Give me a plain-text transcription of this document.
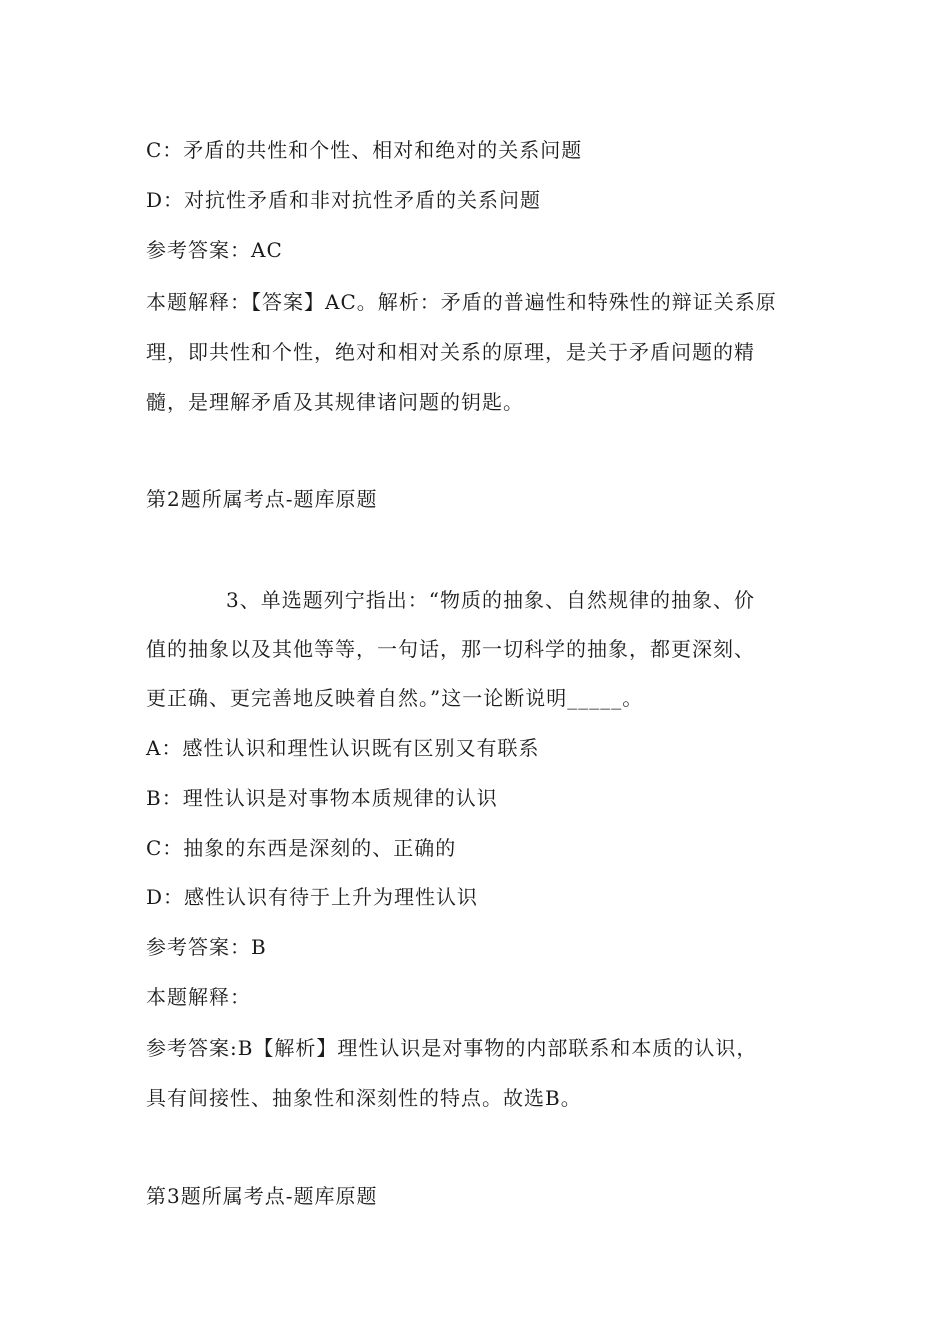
C：矛盾的共性和个性、相对和绝对的关系问题
D：对抗性矛盾和非对抗性矛盾的关系问题
参考答案：AC
本题解释：【答案】AC。解析：矛盾的普遍性和特殊性的辩证关系原
理，即共性和个性，绝对和相对关系的原理，是关于矛盾问题的精
髓，是理解矛盾及其规律诸问题的钥匙。
第2题所属考点-题库原题
3、单选题列宁指出：“物质的抽象、自然规律的抽象、价
值的抽象以及其他等等，一句话，那一切科学的抽象，都更深刻、
更正确、更完善地反映着自然。”这一论断说明_____。
A：感性认识和理性认识既有区别又有联系
B：理性认识是对事物本质规律的认识
C：抽象的东西是深刻的、正确的
D：感性认识有待于上升为理性认识
参考答案：B
本题解释：
参考答案:B【解析】理性认识是对事物的内部联系和本质的认识，
具有间接性、抽象性和深刻性的特点。故选B。
第3题所属考点-题库原题
